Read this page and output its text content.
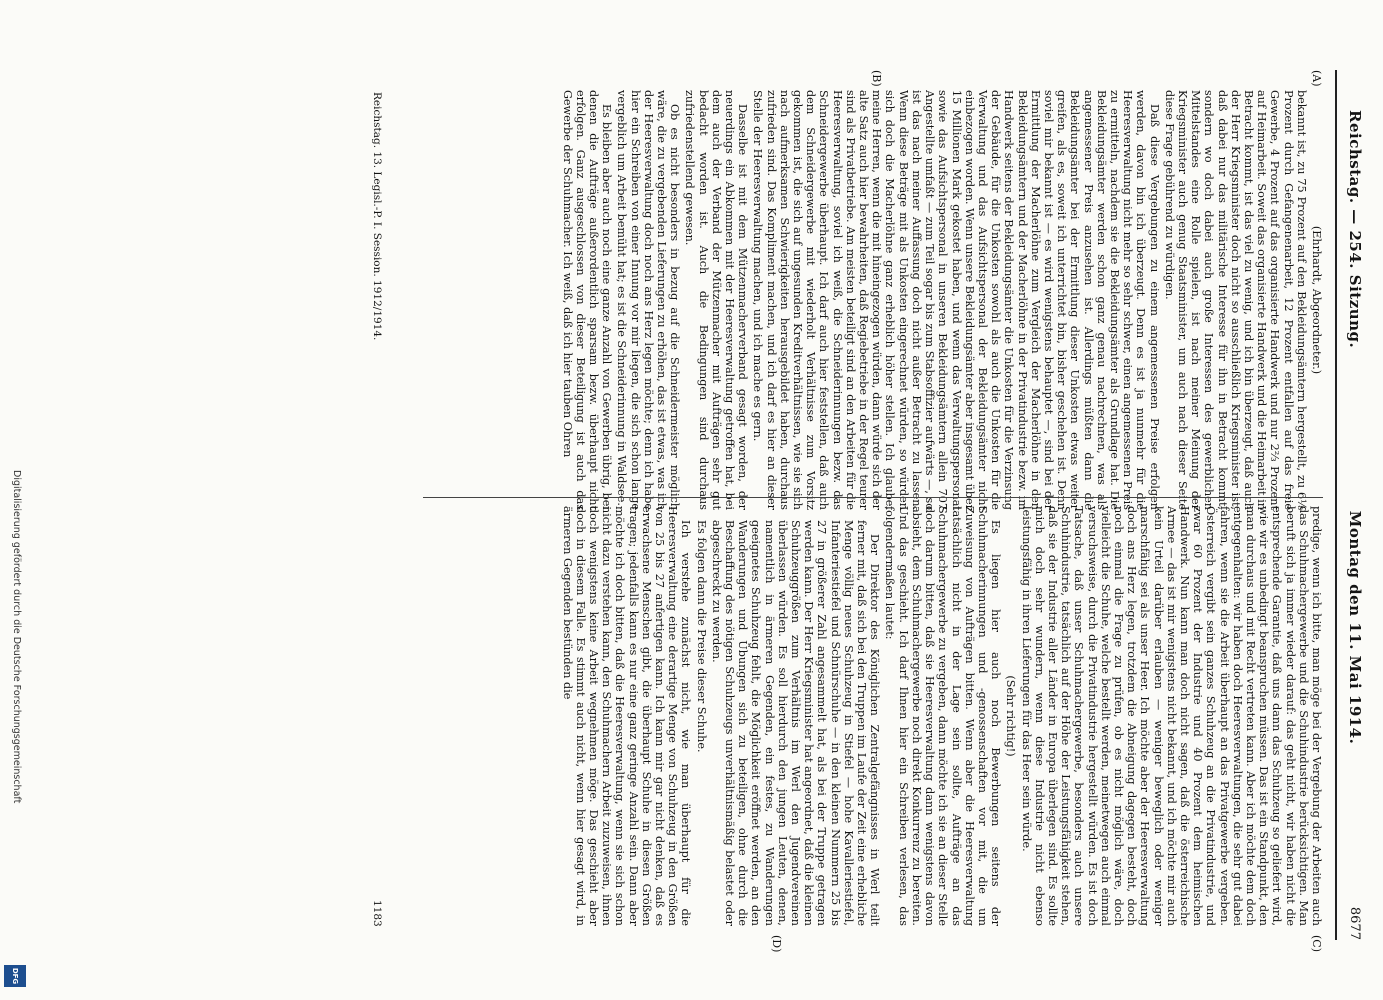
8677
Montag den 11. Mai 1914.
Reichstag. — 254. Sitzung.
(A)
(B)
(C)
(D)

(Ehrhardt, Abgeordneter.)

bekannt ist, zu 75 Prozent auf den Bekleidungsämtern hergestellt, zu 6⅛ Prozent durch Gefangenenarbeit, 12 Prozent entfallen auf das freie Gewerbe, 4 Prozent auf das organisierte Handwerk und nur 2⅔ Prozent auf Heimarbeit. Soweit das organisierte Handwerk und die Heimarbeit in Betracht kommt, ist das viel zu wenig, und ich bin überzeugt, daß auch der Herr Kriegsminister doch nicht so ausschließlich Kriegsminister ist, daß dabei nur das militärische Interesse für ihn in Betracht kommt, sondern wo doch dabei auch große Interessen des gewerblichen Mittelstandes eine Rolle spielen, ist nach meiner Meinung der Kriegsminister auch genug Staatsminister, um auch nach dieser Seite diese Frage gebührend zu würdigen.

Daß diese Vergebungen zu einem angemessenen Preise erfolgen werden, davon bin ich überzeugt. Denn es ist ja nunmehr für die Heeresverwaltung nicht mehr so sehr schwer, einen angemessenen Preis zu ermitteln, nachdem sie die Bekleidungsämter als Grundlage hat. Die Bekleidungsämter werden schon ganz genau nachrechnen, was als angemessener Preis anzusehen ist. Allerdings müßten dann die Bekleidungsämter bei der Ermittlung dieser Unkosten etwas weiter greifen, als es, soweit ich unterrichtet bin, bisher geschehen ist. Denn soviel mir bekannt ist — es wird wenigstens behauptet —, sind bei der Ermittlung der Macherlöhne zum Vergleich der Macherlöhne in den Bekleidungsämtern und der Macherlöhne in der Privatindustrie bezw. im Handwerk seitens der Bekleidungsämter die Unkosten für die Verzinsung der Gebäude, für die Unkosten sowohl als auch die Unkosten für die Verwaltung und das Aufsichtspersonal der Bekleidungsämter nicht einbezogen worden. Wenn unsere Bekleidungsämter aber insgesamt über 15 Millionen Mark gekostet haben, und wenn das Verwaltungspersonal sowie das Aufsichtspersonal in unseren Bekleidungsämtern allein 707 Angestellte umfaßt — zum Teil sogar bis zum Stabsoffizier aufwärts —, so ist das nach meiner Auffassung doch nicht außer Betracht zu lassen. Wenn diese Beträge mit als Unkosten eingerechnet würden, so würden sich doch die Macherlöhne ganz erheblich höher stellen. Ich glaube, meine Herren, wenn die mit hineingezogen würden, dann würde sich der alte Satz auch hier bewahrheiten, daß Regiebetriebe in der Regel teurer sind als Privatbetriebe. Am meisten beteiligt sind an den Arbeiten für die Heeresverwaltung, soviel ich weiß, die Schneiderinnungen bezw. das Schneidergewerbe überhaupt. Ich darf auch hier feststellen, daß auch dem Schneidergewerbe mit wiederholt Verhältnisse zum Vorsitz gekommen ist, die sich auf ungesunden Kreditverhältnissen, wie sie sich nach aufmerksamen Schwierigkeiten herausgebildet haben, durchaus zufrieden sind. Das Kompliment machen, und ich darf es hier an dieser Stelle der Heeresverwaltung machen, und ich mache es gern.

Dasselbe ist mit dem Mützenmacherverband gesagt worden, der neuerdings ein Abkommen mit der Heeresverwaltung getroffen hat, bei dem auch der Verband der Mützenmacher mit Aufträgen sehr gut bedacht worden ist. Auch die Bedingungen sind durchaus zufriedenstellend gewesen.

Ob es nicht besonders in bezug auf die Schneidermeister möglich wäre, die zu vergebenden Lieferungen zu erhöhen, das ist etwas, was ich der Heeresverwaltung doch noch ans Herz legen möchte; denn ich habe hier ein Schreiben von einer Innung vor mir liegen, die sich schon lange vergeblich um Arbeit bemüht hat; es ist die Schneiderinnung in Waldsee.

Es bleiben aber auch noch eine ganze Anzahl von Gewerben übrig, bei denen die Aufträge außerordentlich sparsam bezw. überhaupt nicht erfolgen. Ganz ausgeschlossen von dieser Beteiligung ist auch das Gewerbe der Schuhmacher. Ich weiß, daß ich hier tauben Ohren

predige, wenn ich bitte, man möge bei der Vergebung der Arbeiten auch das Schuhmachergewerbe und die Schuhindustrie berücksichtigen. Man beruft sich ja immer wieder darauf: das geht nicht, wir haben nicht die entsprechende Garantie, daß uns dann das Schuhzeug so geliefert wird, wie wir es unbedingt beanspruchen müssen. Das ist ein Standpunkt, den man durchaus und mit Recht vertreten kann. Aber ich möchte dem doch entgegenhalten: wir haben doch Heeresverwaltungen, die sehr gut dabei fahren, wenn sie die Arbeit überhaupt an das Privatgewerbe vergeben. Österreich vergibt sein ganzes Schuhzeug an die Privatindustrie, und zwar 60 Prozent der Industrie und 40 Prozent dem heimischen Handwerk. Nun kann man doch nicht sagen, daß die österreichische Armee — das ist mir wenigstens nicht bekannt, und ich möchte mir auch kein Urteil darüber erlauben — weniger beweglich oder weniger marschfähig sei als unser Heer. Ich möchte aber der Heeresverwaltung doch ans Herz legen, trotzdem die Abneigung dagegen besteht, doch noch einmal die Frage zu prüfen, ob es nicht möglich wäre, doch vielleicht die Schuhe, welche bestellt werden, meinetwegen auch einmal versuchsweise, durch die Privatindustrie hergestellt würden. Es ist doch Tatsache, daß unser Schuhmachergewerbe, besonders auch unsere Schuhindustrie, tatsächlich auf der Höhe der Leistungsfähigkeit stehen, daß sie der Industrie aller Länder in Europa überlegen sind. Es sollte mich doch sehr wundern, wenn diese Industrie nicht ebenso leistungsfähig in ihren Lieferungen für das Heer sein würde.

(Sehr richtig!)

Es liegen hier auch noch Bewerbungen seitens der Schuhmacherinnungen und -genossenschaften vor mit, die um Zuweisung von Aufträgen bitten. Wenn aber die Heeresverwaltung tatsächlich nicht in der Lage sein sollte, Aufträge an das Schuhmachergewerbe zu vergeben, dann möchte ich sie an dieser Stelle doch darum bitten, daß sie Heeresverwaltung dann wenigstens davon absieht, dem Schuhmachergewerbe noch direkt Konkurrenz zu bereiten. Und das geschieht. Ich darf Ihnen hier ein Schreiben verlesen, das folgendermaßen lautet:

Der Direktor des Königlichen Zentralgefängnisses in Werl teilt ferner mit, daß sich bei den Truppen im Laufe der Zeit eine erhebliche Menge völlig neues Schuhzeug in Stiefel — hohe Kavalleriestiefel, Infanteriestiefel und Schnürschuhe — in den kleinen Nummern 25 bis 27 in größerer Zahl angesammelt hat, als bei der Truppe getragen werden kann. Der Herr Kriegsminister hat angeordnet, daß die kleinen Schuhzeuggrößen zum Verhältnis im Werl den Jugendvereinen überlassen würden. Es soll hierdurch den jungen Leuten, denen, namentlich in ärmeren Gegenden, ein festes, zu Wanderungen geeignetes Schuhzeug fehlt, die Möglichkeit eröffnet werden, an den Wanderungen und Übungen sich zu beteiligen, ohne durch die Beschaffung des nötigen Schuhzeugs unverhältnismäßig belastet oder abgeschreckt zu werden.

Es folgen dann die Preise dieser Schuhe.

Ich verstehe zunächst nicht, wie man überhaupt für die Heeresverwaltung eine derartige Menge von Schuhzeug in den Größen von 25 bis 27 anfertigen kann. Ich kann mir gar nicht denken, daß es erwachsene Menschen gibt, die überhaupt Schuhe in diesen Größen tragen; jedenfalls kann es nur eine ganz geringe Anzahl sein. Dann aber möchte ich doch bitten, daß die Heeresverwaltung, wenn sie sich schon nicht dazu verstehen kann, den Schuhmachern Arbeit zuzuweisen, ihnen doch wenigstens keine Arbeit wegnehmen möge. Das geschieht aber doch in diesem Falle. Es stimmt auch nicht, wenn hier gesagt wird, in ärmeren Gegenden bestünden die

Reichstag. 13. Legisl.-P. I. Session. 1912/1914.
1183
Digitalisierung gefördert durch die Deutsche Forschungsgemeinschaft
DFG
